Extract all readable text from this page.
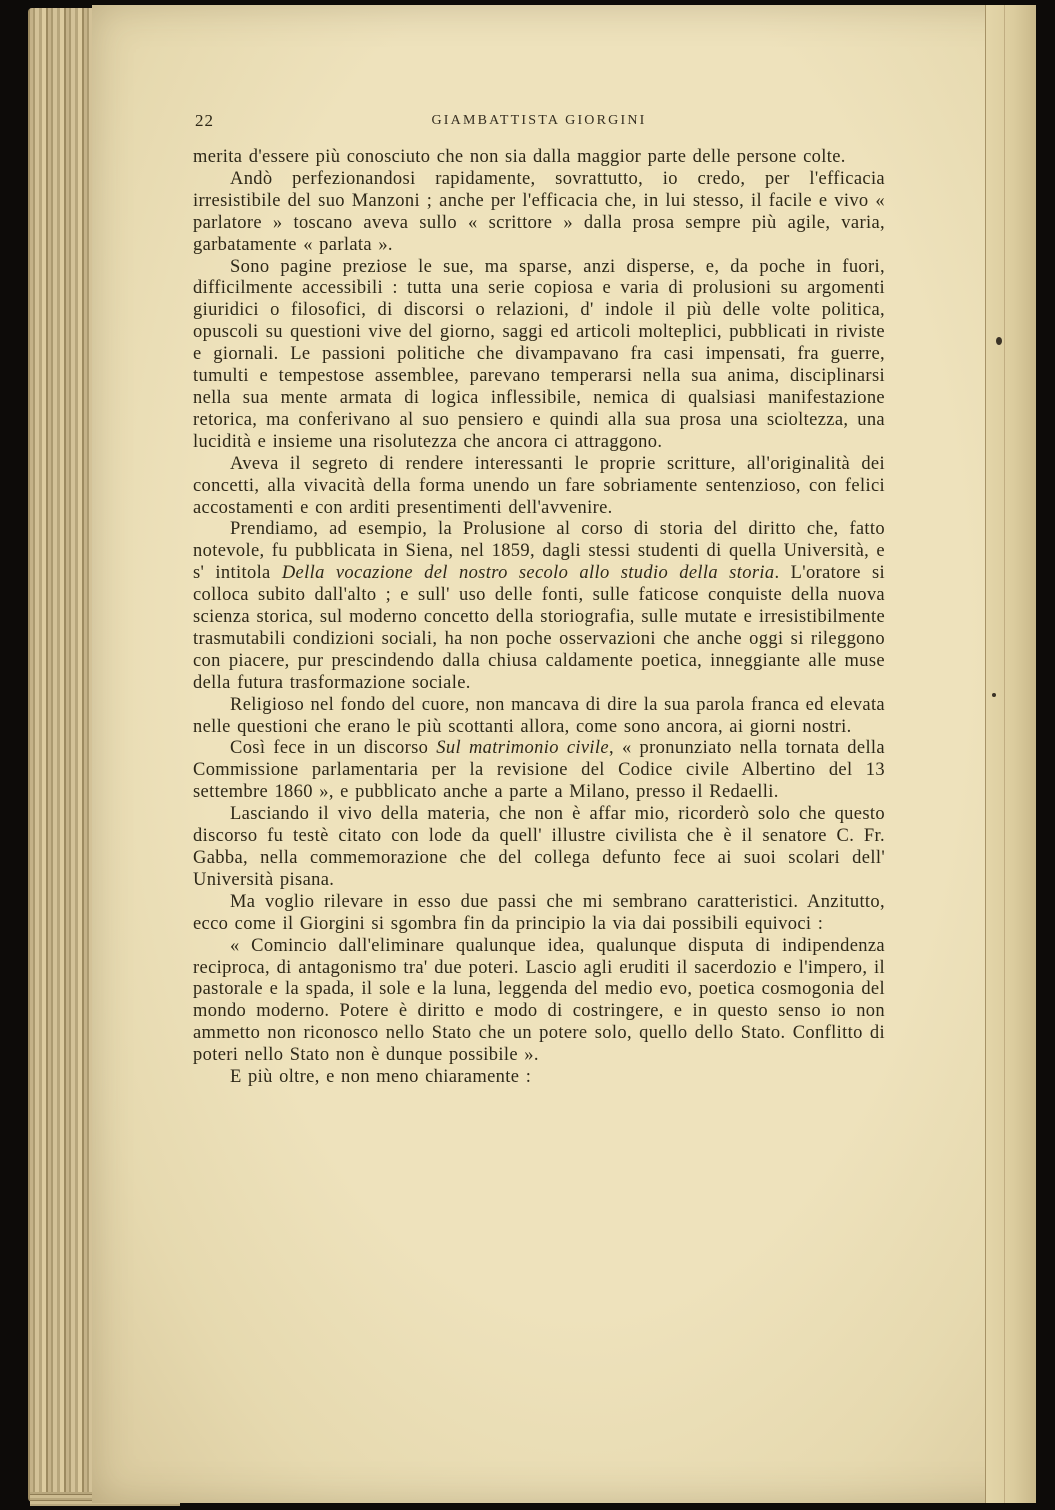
22	GIAMBATTISTA GIORGINI

merita d'essere più conosciuto che non sia dalla maggior parte delle persone colte.

Andò perfezionandosi rapidamente, sovrattutto, io credo, per l'efficacia irresistibile del suo Manzoni ; anche per l'efficacia che, in lui stesso, il facile e vivo « parlatore » toscano aveva sullo « scrittore » dalla prosa sempre più agile, varia, garbatamente « parlata ».

Sono pagine preziose le sue, ma sparse, anzi disperse, e, da poche in fuori, difficilmente accessibili : tutta una serie copiosa e varia di prolusioni su argomenti giuridici o filosofici, di discorsi o relazioni, d' indole il più delle volte politica, opuscoli su questioni vive del giorno, saggi ed articoli molteplici, pubblicati in riviste e giornali. Le passioni politiche che divampavano fra casi impensati, fra guerre, tumulti e tempestose assemblee, parevano temperarsi nella sua anima, disciplinarsi nella sua mente armata di logica inflessibile, nemica di qualsiasi manifestazione retorica, ma conferivano al suo pensiero e quindi alla sua prosa una scioltezza, una lucidità e insieme una risolutezza che ancora ci attraggono.

Aveva il segreto di rendere interessanti le proprie scritture, all'originalità dei concetti, alla vivacità della forma unendo un fare sobriamente sentenzioso, con felici accostamenti e con arditi presentimenti dell'avvenire.

Prendiamo, ad esempio, la Prolusione al corso di storia del diritto che, fatto notevole, fu pubblicata in Siena, nel 1859, dagli stessi studenti di quella Università, e s' intitola Della vocazione del nostro secolo allo studio della storia. L'oratore si colloca subito dall'alto ; e sull' uso delle fonti, sulle faticose conquiste della nuova scienza storica, sul moderno concetto della storiografia, sulle mutate e irresistibilmente trasmutabili condizioni sociali, ha non poche osservazioni che anche oggi si rileggono con piacere, pur prescindendo dalla chiusa caldamente poetica, inneggiante alle muse della futura trasformazione sociale.

Religioso nel fondo del cuore, non mancava di dire la sua parola franca ed elevata nelle questioni che erano le più scottanti allora, come sono ancora, ai giorni nostri.

Così fece in un discorso Sul matrimonio civile, « pronunziato nella tornata della Commissione parlamentaria per la revisione del Codice civile Albertino del 13 settembre 1860 », e pubblicato anche a parte a Milano, presso il Redaelli.

Lasciando il vivo della materia, che non è affar mio, ricorderò solo che questo discorso fu testè citato con lode da quell' illustre civilista che è il senatore C. Fr. Gabba, nella commemorazione che del collega defunto fece ai suoi scolari dell' Università pisana.

Ma voglio rilevare in esso due passi che mi sembrano caratteristici. Anzitutto, ecco come il Giorgini si sgombra fin da principio la via dai possibili equivoci :

« Comincio dall'eliminare qualunque idea, qualunque disputa di indipendenza reciproca, di antagonismo tra' due poteri. Lascio agli eruditi il sacerdozio e l'impero, il pastorale e la spada, il sole e la luna, leggenda del medio evo, poetica cosmogonia del mondo moderno. Potere è diritto e modo di costringere, e in questo senso io non ammetto non riconosco nello Stato che un potere solo, quello dello Stato. Conflitto di poteri nello Stato non è dunque possibile ».

E più oltre, e non meno chiaramente :
